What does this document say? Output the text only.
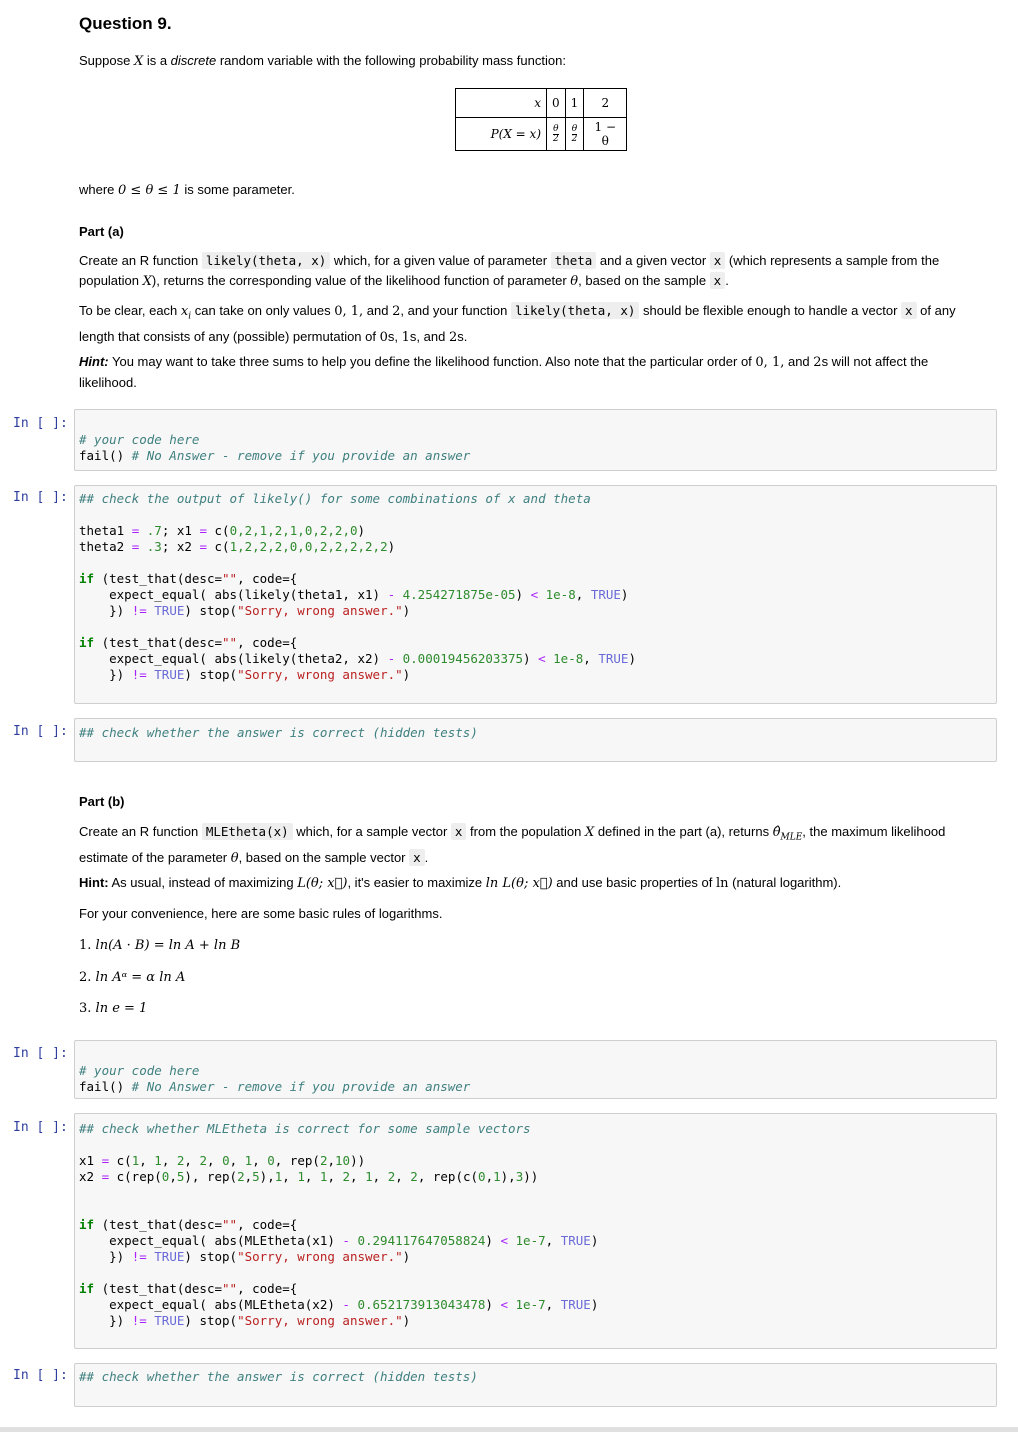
Question 9.

Suppose X is a discrete random variable with the following probability mass function:

x	0	1	2
P(X = x)	$\frac{\theta}{2}$	$\frac{\theta}{2}$	1 − θ

where 0 ≤ θ ≤ 1 is some parameter.

Part (a)

Create an R function likely(theta, x) which, for a given value of parameter theta and a given vector x (which represents a sample from the
population X), returns the corresponding value of the likelihood function of parameter θ, based on the sample x .

To be clear, each $x_i$ can take on only values 0, 1, and 2, and your function likely(theta, x) should be flexible enough to handle a vector x of any
length that consists of any (possible) permutation of 0s, 1s, and 2s.

Hint: You may want to take three sums to help you define the likelihood function. Also note that the particular order of 0, 1, and 2s will not affect the
likelihood.

In [ ]:
# your code here
fail() # No Answer - remove if you provide an answer
In [ ]: ## check the output of likely() for some combinations of x and theta

theta1 = .7; x1 = c(0,2,1,2,1,0,2,2,0)
theta2 = .3; x2 = c(1,2,2,2,0,0,2,2,2,2,2)

if (test_that(desc="", code={
expect_equal( abs(likely(theta1, x1) - 4.254271875e-05) < 1e-8, TRUE)
}) != TRUE) stop("Sorry, wrong answer.")

if (test_that(desc="", code={
expect_equal( abs(likely(theta2, x2) - 0.00019456203375) < 1e-8, TRUE)
}) != TRUE) stop("Sorry, wrong answer.")
In [ ]: ## check whether the answer is correct (hidden tests)

Part (b)

Create an R function MLEtheta(x) which, for a sample vector x from the population X defined in the part (a), returns $\thetâ_{MLE}$, the maximum likelihood
estimate of the parameter θ, based on the sample vector x .

Hint: As usual, instead of maximizing L(θ; x⃗), it's easier to maximize ln L(θ; x⃗) and use basic properties of ln (natural logarithm).

For your convenience, here are some basic rules of logarithms.

1. ln(A · B) = ln A + ln B

2. ln Aᵅ = α ln A

3. ln e = 1

In [ ]:
# your code here
fail() # No Answer - remove if you provide an answer
In [ ]: ## check whether MLEtheta is correct for some sample vectors

x1 = c(1, 1, 2, 2, 0, 1, 0, rep(2,10))
x2 = c(rep(0,5), rep(2,5),1, 1, 1, 2, 1, 2, 2, rep(c(0,1),3))

if (test_that(desc="", code={
expect_equal( abs(MLEtheta(x1) - 0.294117647058824) < 1e-7, TRUE)
}) != TRUE) stop("Sorry, wrong answer.")

if (test_that(desc="", code={
expect_equal( abs(MLEtheta(x2) - 0.652173913043478) < 1e-7, TRUE)
}) != TRUE) stop("Sorry, wrong answer.")
In [ ]: ## check whether the answer is correct (hidden tests)
